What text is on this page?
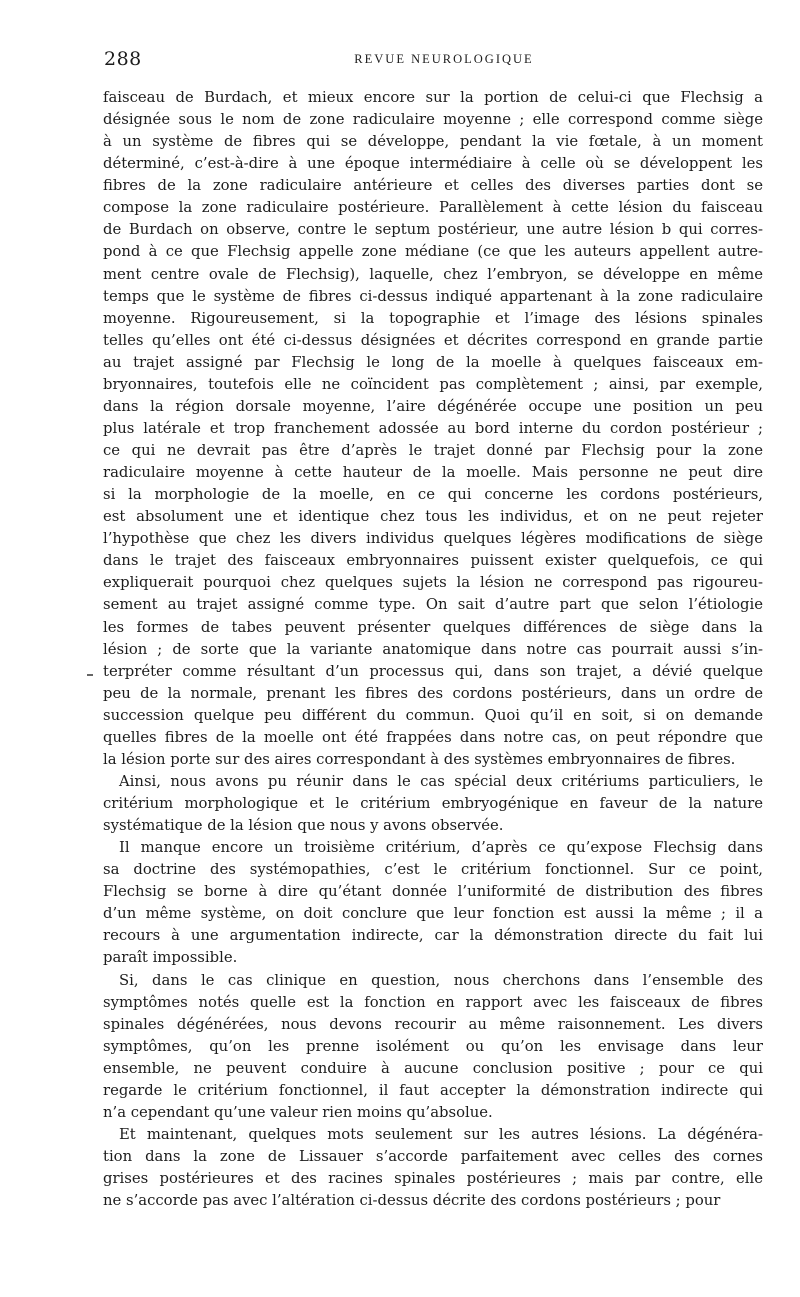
288	REVUE NEUROLOGIQUE
faisceau de Burdach, et mieux encore sur la portion de celui-ci que Flechsig a
désignée sous le nom de zone radiculaire moyenne ; elle correspond comme siège
à un système de fibres qui se développe, pendant la vie fœtale, à un moment
déterminé, c’est-à-dire à une époque intermédiaire à celle où se développent les
fibres de la zone radiculaire antérieure et celles des diverses parties dont se
compose la zone radiculaire postérieure. Parallèlement à cette lésion du faisceau
de Burdach on observe, contre le septum postérieur, une autre lésion b qui corres-
pond à ce que Flechsig appelle zone médiane (ce que les auteurs appellent autre-
ment centre ovale de Flechsig), laquelle, chez l’embryon, se développe en même
temps que le système de fibres ci-dessus indiqué appartenant à la zone radiculaire
moyenne. Rigoureusement, si la topographie et l’image des lésions spinales
telles qu’elles ont été ci-dessus désignées et décrites correspond en grande partie
au trajet assigné par Flechsig le long de la moelle à quelques faisceaux em-
bryonnaires, toutefois elle ne coïncident pas complètement ; ainsi, par exemple,
dans la région dorsale moyenne, l’aire dégénérée occupe une position un peu
plus latérale et trop franchement adossée au bord interne du cordon postérieur ;
ce qui ne devrait pas être d’après le trajet donné par Flechsig pour la zone
radiculaire moyenne à cette hauteur de la moelle. Mais personne ne peut dire
si la morphologie de la moelle, en ce qui concerne les cordons postérieurs,
est absolument une et identique chez tous les individus, et on ne peut rejeter
l’hypothèse que chez les divers individus quelques légères modifications de siège
dans le trajet des faisceaux embryonnaires puissent exister quelquefois, ce qui
expliquerait pourquoi chez quelques sujets la lésion ne correspond pas rigoureu-
sement au trajet assigné comme type. On sait d’autre part que selon l’étiologie
les formes de tabes peuvent présenter quelques différences de siège dans la
lésion ; de sorte que la variante anatomique dans notre cas pourrait aussi s’in-
terpréter comme résultant d’un processus qui, dans son trajet, a dévié quelque
peu de la normale, prenant les fibres des cordons postérieurs, dans un ordre de
succession quelque peu différent du commun. Quoi qu’il en soit, si on demande
quelles fibres de la moelle ont été frappées dans notre cas, on peut répondre que
la lésion porte sur des aires correspondant à des systèmes embryonnaires de fibres.
Ainsi, nous avons pu réunir dans le cas spécial deux critériums particuliers, le
critérium morphologique et le critérium embryogénique en faveur de la nature
systématique de la lésion que nous y avons observée.
Il manque encore un troisième critérium, d’après ce qu’expose Flechsig dans
sa doctrine des systémopathies, c’est le critérium fonctionnel. Sur ce point,
Flechsig se borne à dire qu’étant donnée l’uniformité de distribution des fibres
d’un même système, on doit conclure que leur fonction est aussi la même ; il a
recours à une argumentation indirecte, car la démonstration directe du fait lui
paraît impossible.
Si, dans le cas clinique en question, nous cherchons dans l’ensemble des
symptômes notés quelle est la fonction en rapport avec les faisceaux de fibres
spinales dégénérées, nous devons recourir au même raisonnement. Les divers
symptômes, qu’on les prenne isolément ou qu’on les envisage dans leur
ensemble, ne peuvent conduire à aucune conclusion positive ; pour ce qui
regarde le critérium fonctionnel, il faut accepter la démonstration indirecte qui
n’a cependant qu’une valeur rien moins qu’absolue.
Et maintenant, quelques mots seulement sur les autres lésions. La dégénéra-
tion dans la zone de Lissauer s’accorde parfaitement avec celles des cornes
grises postérieures et des racines spinales postérieures ; mais par contre, elle
ne s’accorde pas avec l’altération ci-dessus décrite des cordons postérieurs ; pour
